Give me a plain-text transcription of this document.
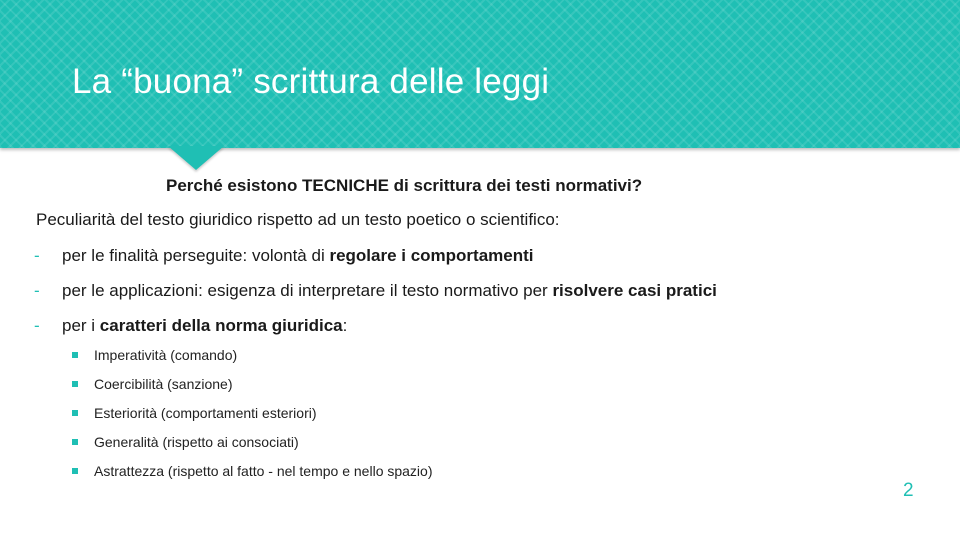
La “buona” scrittura delle leggi
Perché esistono TECNICHE di scrittura dei testi normativi?
Peculiarità del testo giuridico rispetto ad un testo poetico o scientifico:
-	per le finalità perseguite: volontà di regolare i comportamenti
-	per le applicazioni: esigenza di interpretare il testo normativo per risolvere casi pratici
-	per i caratteri della norma giuridica:
Imperatività (comando)
Coercibilità (sanzione)
Esteriorità (comportamenti esteriori)
Generalità (rispetto ai consociati)
Astrattezza (rispetto al fatto - nel tempo e nello spazio)
2
